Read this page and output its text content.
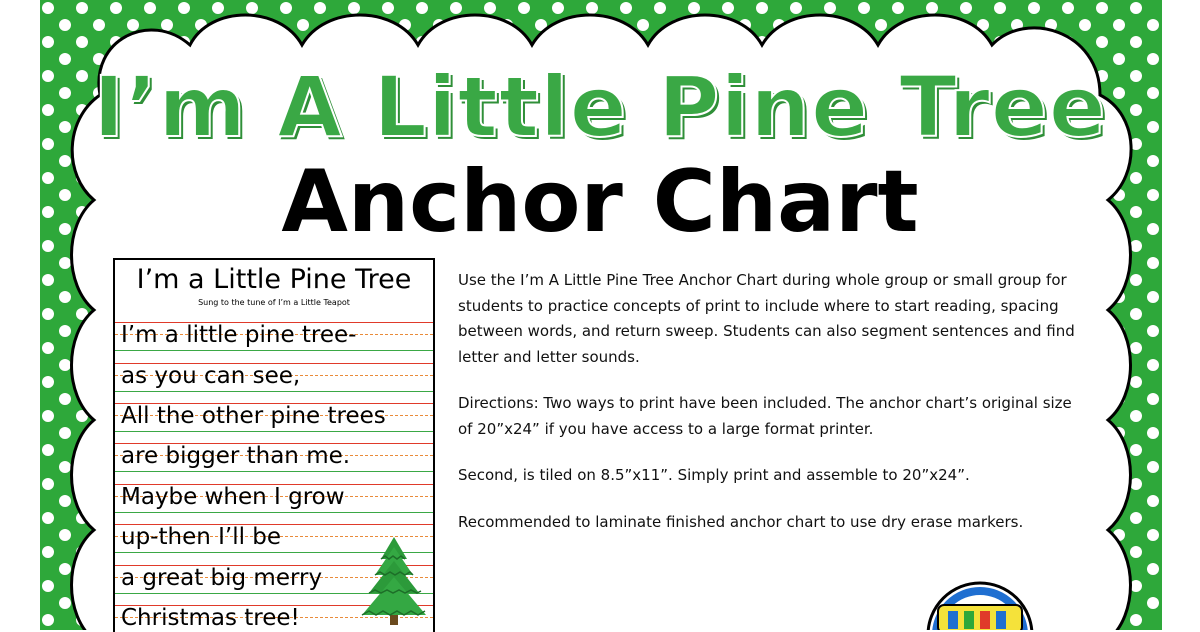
I’m A Little Pine Tree
Anchor Chart
I’m a Little Pine Tree
Sung to the tune of I’m a Little Teapot
I’m a little pine tree-
as you can see,
All the other pine trees
are bigger than me.
Maybe when I grow
up-then I’ll be
a great big merry
Christmas tree!

Use the I’m A Little Pine Tree Anchor Chart during whole group or small group for students to practice concepts of print to include where to start reading, spacing between words, and return sweep. Students can also segment sentences and find letter and letter sounds.

Directions: Two ways to print have been included. The anchor chart’s original size of 20”x24” if you have access to a large format printer.

Second, is tiled on 8.5”x11”. Simply print and assemble to 20”x24”.

Recommended to laminate finished anchor chart to use dry erase markers.
